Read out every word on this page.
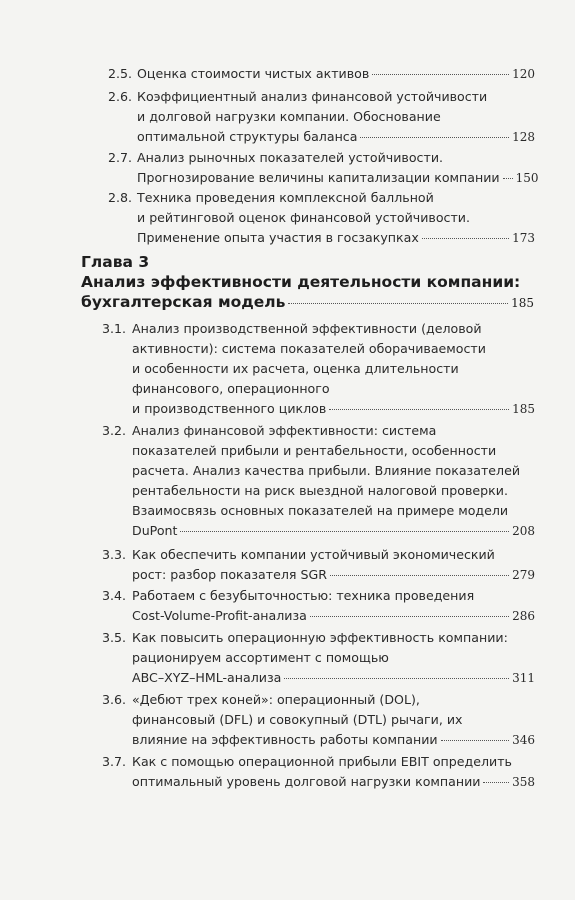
2.5. Оценка стоимости чистых активов	120
2.6. Коэффициентный анализ финансовой устойчивости
и долговой нагрузки компании. Обоснование
оптимальной структуры баланса	128
2.7. Анализ рыночных показателей устойчивости.
Прогнозирование величины капитализации компании 150
2.8. Техника проведения комплексной балльной
и рейтинговой оценок финансовой устойчивости.
Применение опыта участия в госзакупках	173
Глава 3
Анализ эффективности деятельности компании:
бухгалтерская модель	185
3.1. Анализ производственной эффективности (деловой
активности): система показателей оборачиваемости
и особенности их расчета, оценка длительности
финансового, операционного
и производственного циклов	185
3.2. Анализ финансовой эффективности: система
показателей прибыли и рентабельности, особенности
расчета. Анализ качества прибыли. Влияние показателей
рентабельности на риск выездной налоговой проверки.
Взаимосвязь основных показателей на примере модели
DuPont	208
3.3. Как обеспечить компании устойчивый экономический
рост: разбор показателя SGR	279
3.4. Работаем с безубыточностью: техника проведения
Cost-Volume-Profit-анализа	286
3.5. Как повысить операционную эффективность компании:
рационируем ассортимент с помощью
ABC–XYZ–HML-анализа	311
3.6. «Дебют трех коней»: операционный (DOL),
финансовый (DFL) и совокупный (DTL) рычаги, их
влияние на эффективность работы компании	346
3.7. Как с помощью операционной прибыли EBIT определить
оптимальный уровень долговой нагрузки компании	358
